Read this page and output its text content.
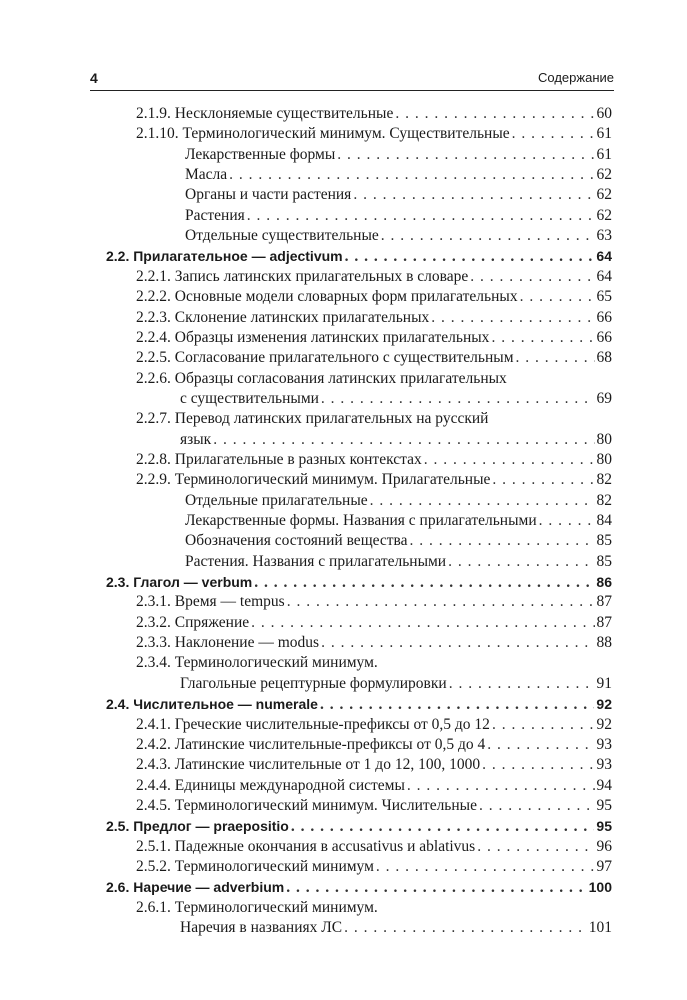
4	Содержание
2.1.9. Несклоняемые существительные . . .	60
2.1.10. Терминологический минимум. Существительные . . .	61
Лекарственные формы . . .	61
Масла . . .	62
Органы и части растения . . .	62
Растения . . .	62
Отдельные существительные . . .	63
2.2. Прилагательное — adjectivum . . .	64
2.2.1. Запись латинских прилагательных в словаре . . .	64
2.2.2. Основные модели словарных форм прилагательных . . .	65
2.2.3. Склонение латинских прилагательных . . .	66
2.2.4. Образцы изменения латинских прилагательных . . .	66
2.2.5. Согласование прилагательного с существительным . . .	68
2.2.6. Образцы согласования латинских прилагательных
с существительными . . .	69
2.2.7. Перевод латинских прилагательных на русский
язык . . .	80
2.2.8. Прилагательные в разных контекстах . . .	80
2.2.9. Терминологический минимум. Прилагательные . . .	82
Отдельные прилагательные . . .	82
Лекарственные формы. Названия с прилагательными . . .	84
Обозначения состояний вещества . . .	85
Растения. Названия с прилагательными . . .	85
2.3. Глагол — verbum . . .	86
2.3.1. Время — tempus . . .	87
2.3.2. Спряжение . . .	87
2.3.3. Наклонение — modus . . .	88
2.3.4. Терминологический минимум.
Глагольные рецептурные формулировки . . .	91
2.4. Числительное — numerale . . .	92
2.4.1. Греческие числительные-префиксы от 0,5 до 12 . . .	92
2.4.2. Латинские числительные-префиксы от 0,5 до 4 . . .	93
2.4.3. Латинские числительные от 1 до 12, 100, 1000 . . .	93
2.4.4. Единицы международной системы . . .	94
2.4.5. Терминологический минимум. Числительные . . .	95
2.5. Предлог — praepositio . . .	95
2.5.1. Падежные окончания в accusativus и ablativus . . .	96
2.5.2. Терминологический минимум . . .	97
2.6. Наречие — adverbium . . .	100
2.6.1. Терминологический минимум.
Наречия в названиях ЛС . . .	101
